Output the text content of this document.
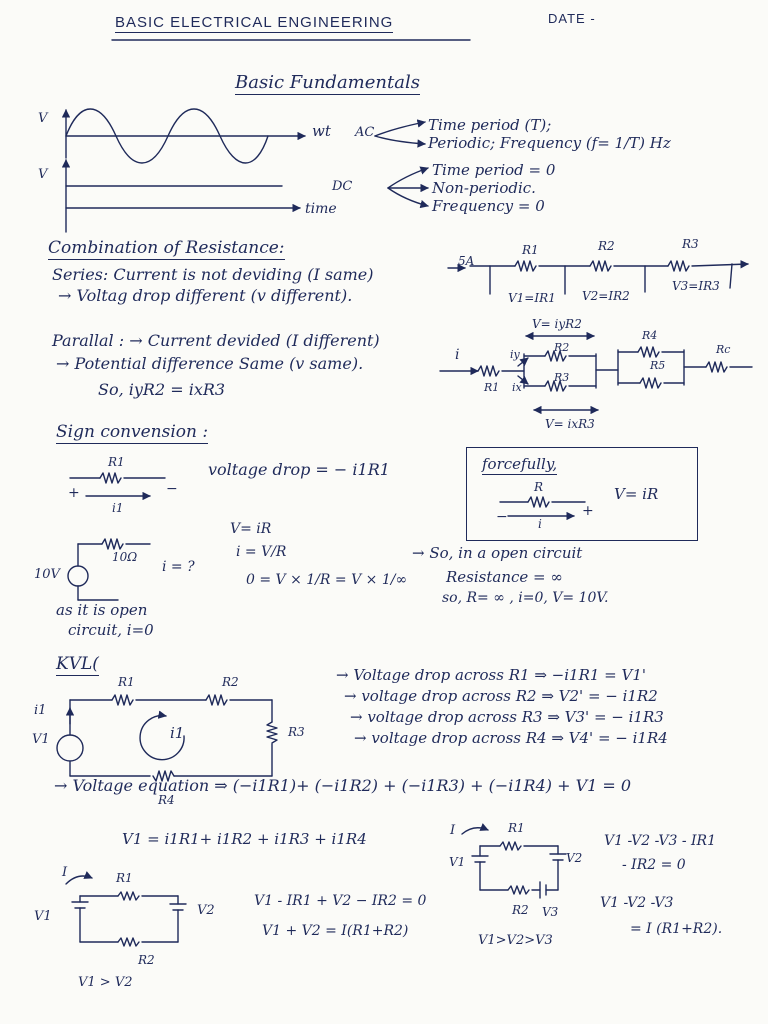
BASIC ELECTRICAL ENGINEERING	DATE -
Basic Fundamentals
V
wt AC	Time period (T);
Periodic; Frequency (f= 1/T) Hz
V
DC
time
Time period = 0
Non-periodic.
Frequency = 0
Combination of Resistance:
Series: Current is not deviding (I same)
→ Voltag drop different (v different).
5A
R1	R2	R3
V1=IR1 V2=IR2
V3=IR3
Parallal : → Current devided (I different)
→ Potential difference Same (v same).
So, iyR2 = ixR3
V= iyR2
i	iy
ix
R1
R2
R3
R4
R5
Rc
V= ixR3
Sign convension :
R1
+	−
i1
voltage drop = − i1R1	forcefully,
R
−	+
i
V= iR
10V
10Ω
i = ?
V= iR
i = V/R
0 = V × 1/R = V × 1/∞
→ So, in a open circuit
Resistance = ∞
so, R= ∞ , i=0, V= 10V.
as it is open
circuit, i=0
KVL(
R1	R2
R3
R4
i1
V1	i1
→ Voltage drop across R1 ⇒ −i1R1 = V1'
→ voltage drop across R2 ⇒ V2' = − i1R2
→ voltage drop across R3 ⇒ V3' = − i1R3
→ voltage drop across R4 ⇒ V4' = − i1R4
→ Voltage equation ⇒ (−i1R1)+ (−i1R2) + (−i1R3) + (−i1R4) + V1 = 0
V1 = i1R1+ i1R2 + i1R3 + i1R4
I	R1
V1	V2
R2
V1 - IR1 + V2 − IR2 = 0
V1 + V2 = I(R1+R2)
V1 > V2
I	R1
V1	V2
R2 V3
V1>V2>V3
V1 -V2 -V3 - IR1
- IR2 = 0
V1 -V2 -V3
= I (R1+R2).
